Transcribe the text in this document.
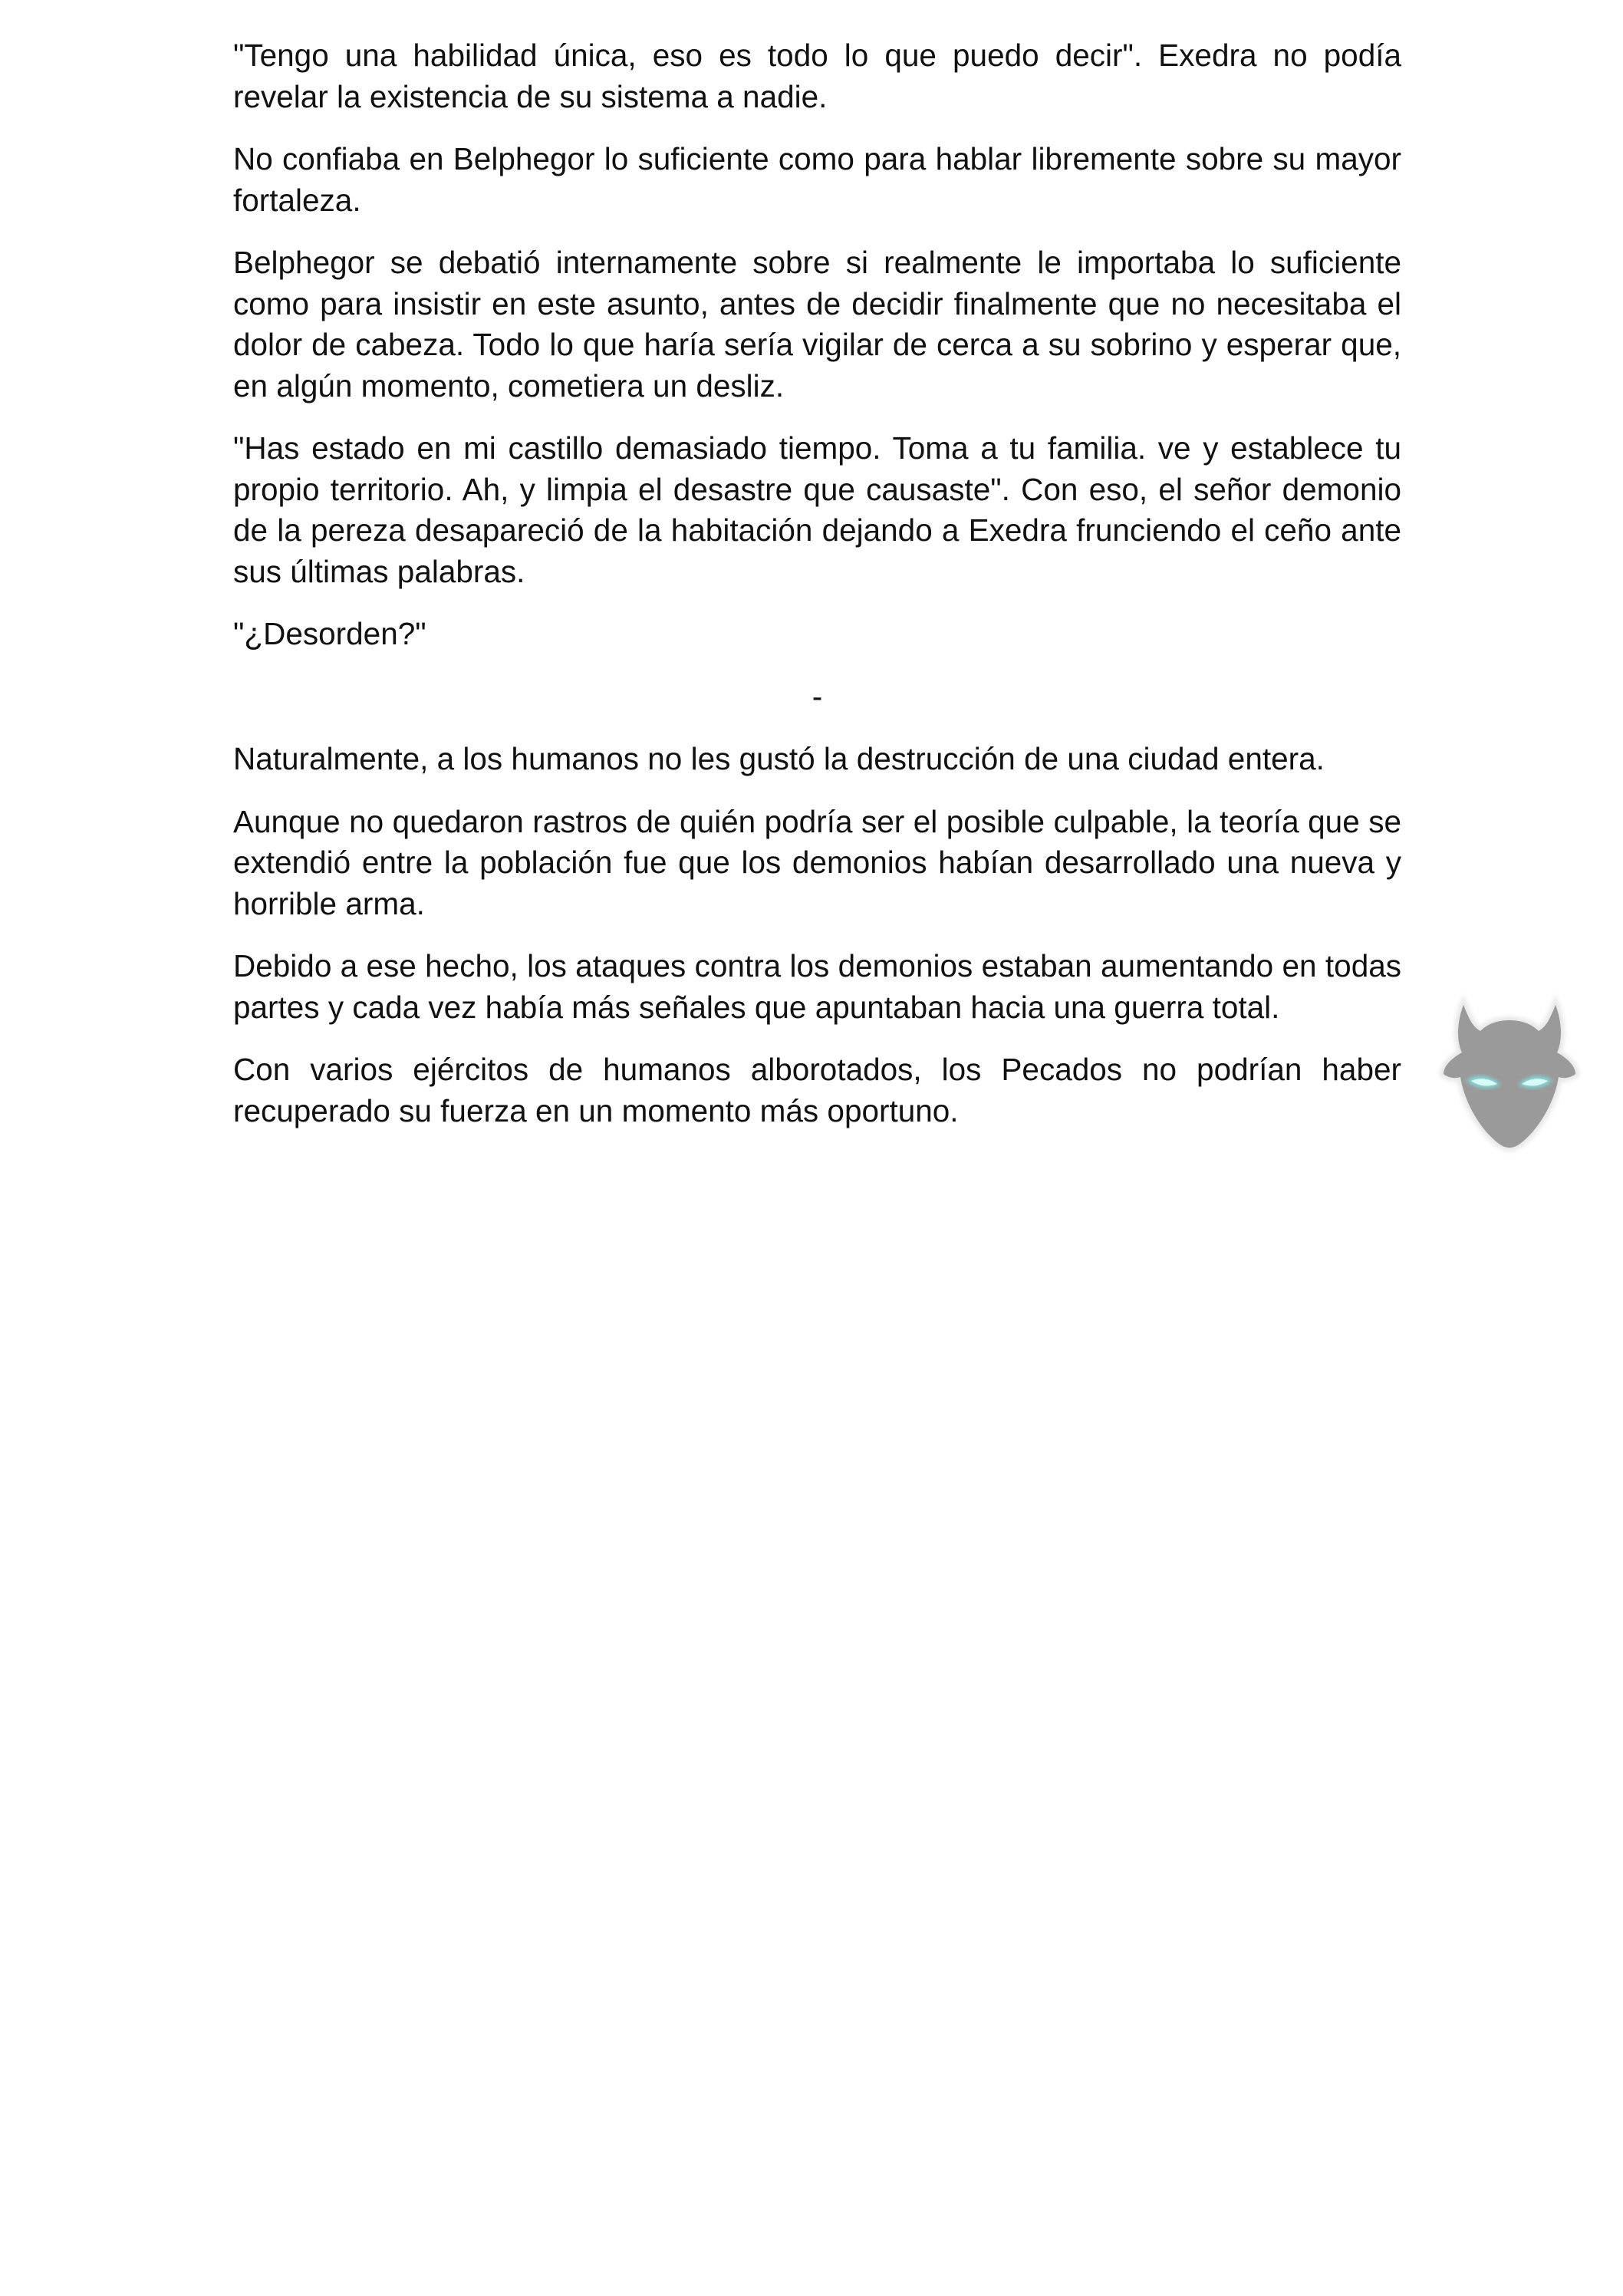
"Tengo una habilidad única, eso es todo lo que puedo decir". Exedra no podía revelar la existencia de su sistema a nadie.

No confiaba en Belphegor lo suficiente como para hablar libremente sobre su mayor fortaleza.

Belphegor se debatió internamente sobre si realmente le importaba lo suficiente como para insistir en este asunto, antes de decidir finalmente que no necesitaba el dolor de cabeza. Todo lo que haría sería vigilar de cerca a su sobrino y esperar que, en algún momento, cometiera un desliz.

"Has estado en mi castillo demasiado tiempo. Toma a tu familia. ve y establece tu propio territorio. Ah, y limpia el desastre que causaste". Con eso, el señor demonio de la pereza desapareció de la habitación dejando a Exedra frunciendo el ceño ante sus últimas palabras.

"¿Desorden?"

-

Naturalmente, a los humanos no les gustó la destrucción de una ciudad entera.

Aunque no quedaron rastros de quién podría ser el posible culpable, la teoría que se extendió entre la población fue que los demonios habían desarrollado una nueva y horrible arma.

Debido a ese hecho, los ataques contra los demonios estaban aumentando en todas partes y cada vez había más señales que apuntaban hacia una guerra total.

Con varios ejércitos de humanos alborotados, los Pecados no podrían haber recuperado su fuerza en un momento más oportuno.
